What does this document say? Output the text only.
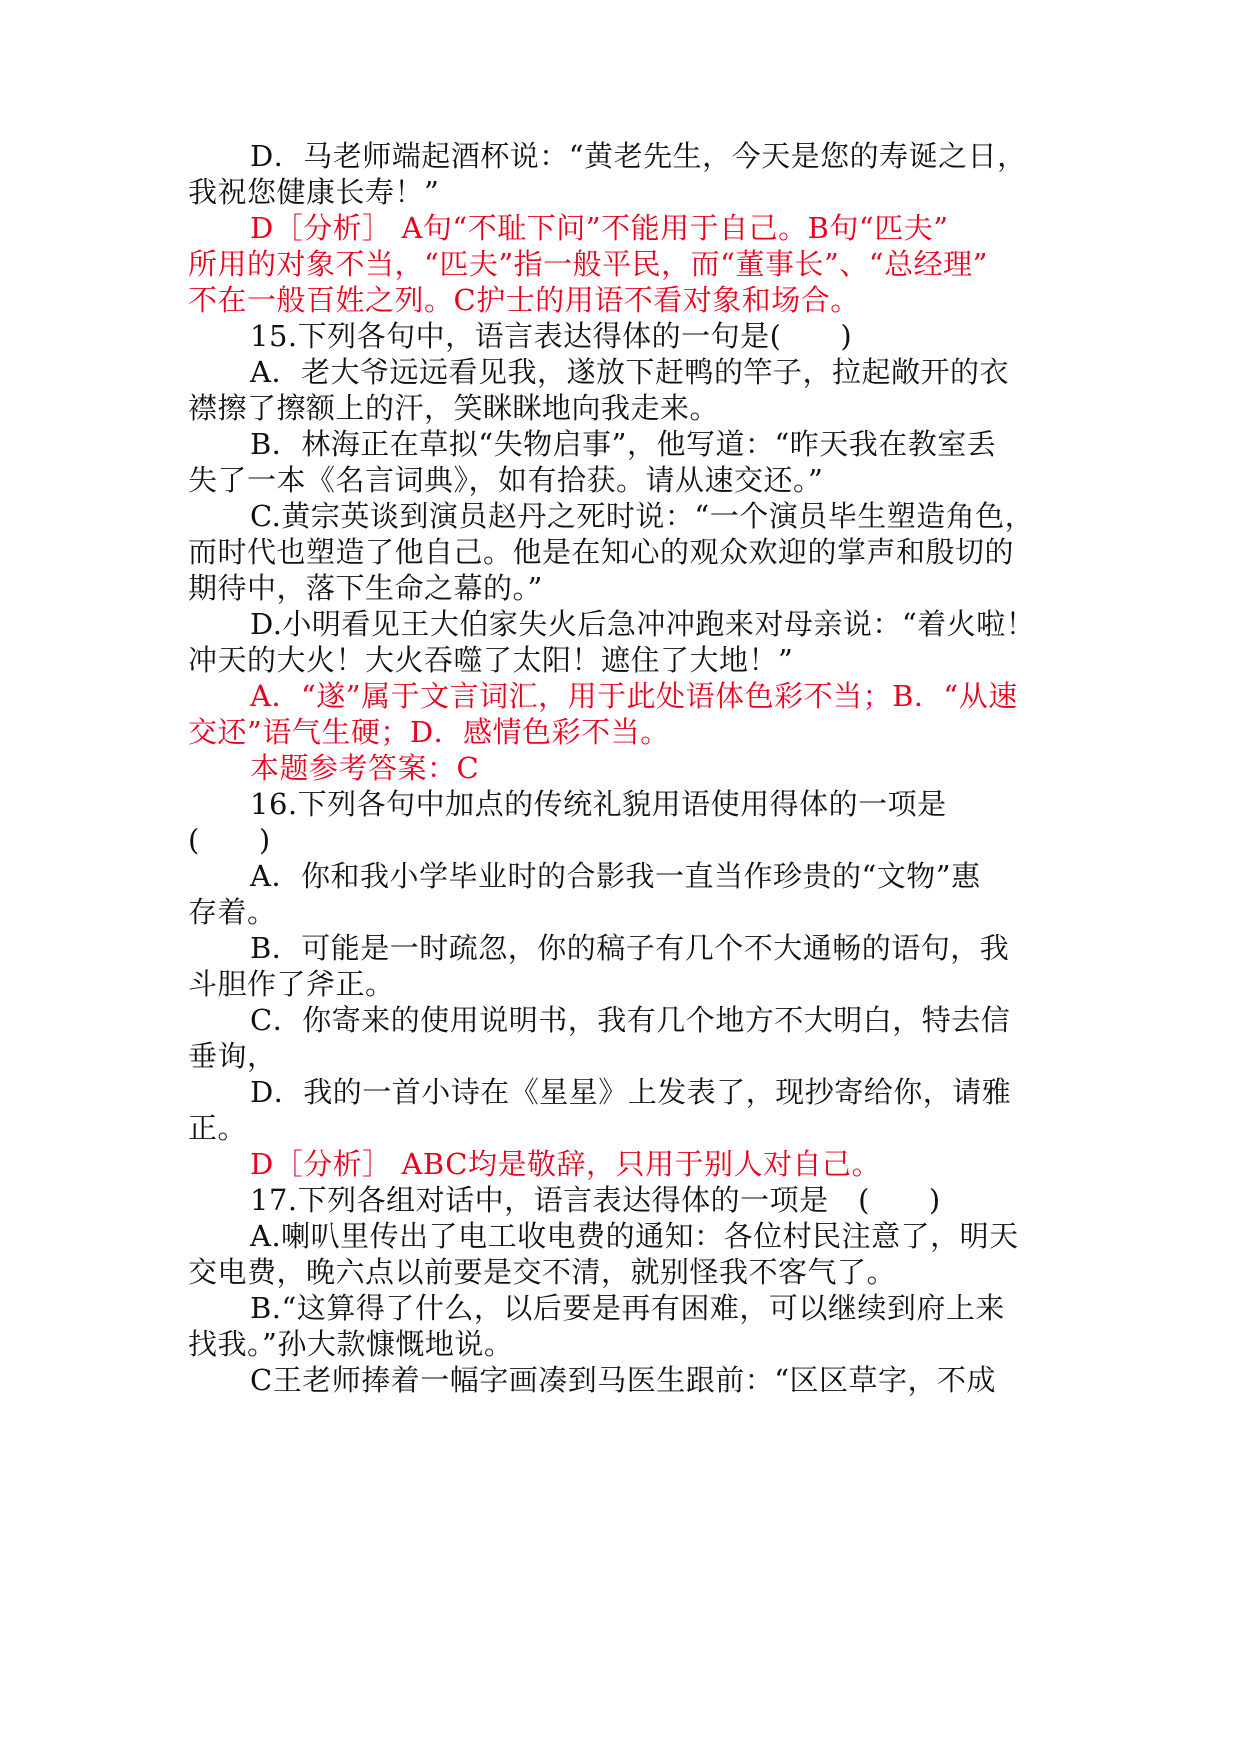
D．马老师端起酒杯说：“黄老先生，今天是您的寿诞之日，
我祝您健康长寿！”
D［分析］ A句“不耻下问”不能用于自己。B句“匹夫”
所用的对象不当，“匹夫”指一般平民，而“董事长”、“总经理”
不在一般百姓之列。C护士的用语不看对象和场合。
15.下列各句中，语言表达得体的一句是(　　)
A．老大爷远远看见我，遂放下赶鸭的竿子，拉起敞开的衣
襟擦了擦额上的汗，笑眯眯地向我走来。
B．林海正在草拟“失物启事”，他写道：“昨天我在教室丢
失了一本《名言词典》，如有拾获。请从速交还。”
C.黄宗英谈到演员赵丹之死时说：“一个演员毕生塑造角色，
而时代也塑造了他自己。他是在知心的观众欢迎的掌声和殷切的
期待中，落下生命之幕的。”
D.小明看见王大伯家失火后急冲冲跑来对母亲说：“着火啦！
冲天的大火！大火吞噬了太阳！遮住了大地！”
A．“遂”属于文言词汇，用于此处语体色彩不当；B．“从速
交还”语气生硬；D．感情色彩不当。
本题参考答案：C
16.下列各句中加点的传统礼貌用语使用得体的一项是
(　　)
A．你和我小学毕业时的合影我一直当作珍贵的“文物”惠
存着。
B．可能是一时疏忽，你的稿子有几个不大通畅的语句，我
斗胆作了斧正。
C．你寄来的使用说明书，我有几个地方不大明白，特去信
垂询，
D．我的一首小诗在《星星》上发表了，现抄寄给你，请雅
正。
D［分析］ ABC均是敬辞，只用于别人对自己。
17.下列各组对话中，语言表达得体的一项是　(　　)
A.喇叭里传出了电工收电费的通知：各位村民注意了，明天
交电费，晚六点以前要是交不清，就别怪我不客气了。
B.“这算得了什么，以后要是再有困难，可以继续到府上来
找我。”孙大款慷慨地说。
C王老师捧着一幅字画凑到马医生跟前：“区区草字，不成
